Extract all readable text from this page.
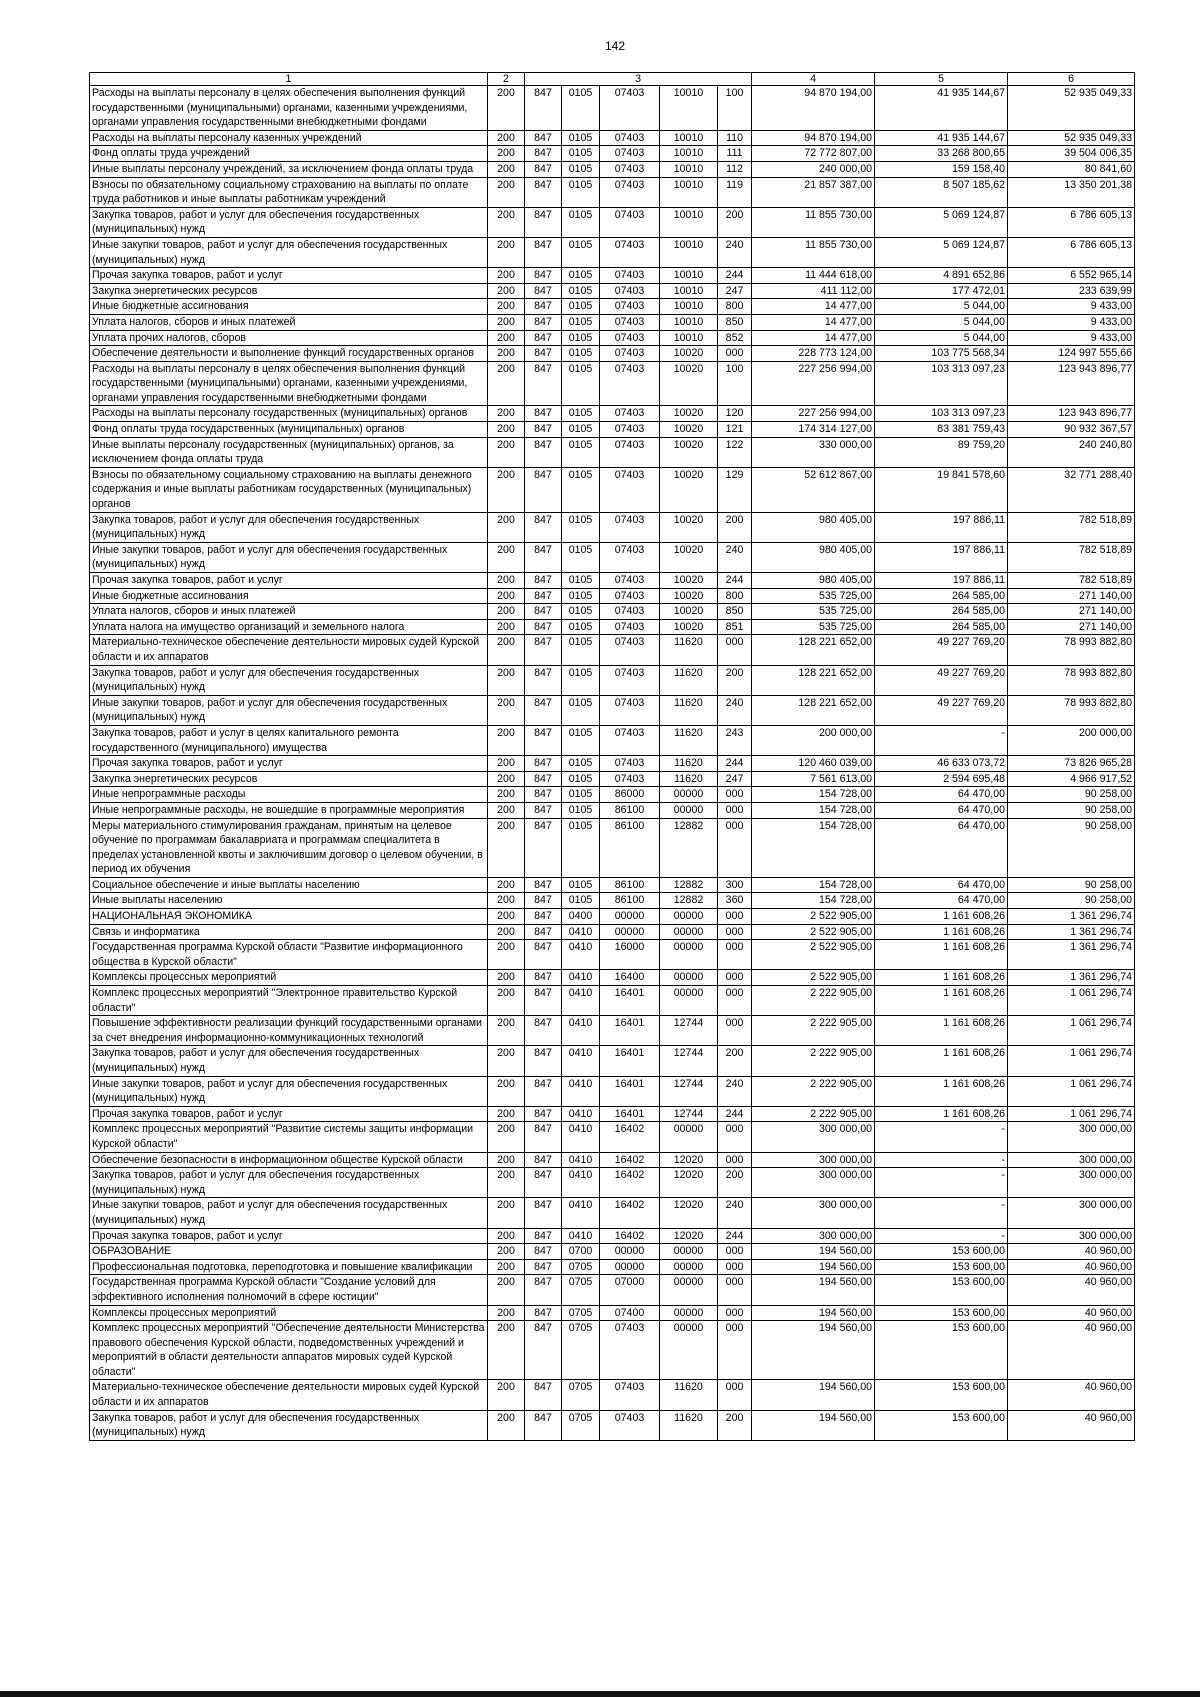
142
1	2	3					4	5	6
Расходы на выплаты персоналу в целях обеспечения выполнения функций государственными (муниципальными) органами, казенными учреждениями, органами управления государственными внебюджетными фондами	200	847	0105	07403	10010	100	94 870 194,00	41 935 144,67	52 935 049,33
Расходы на выплаты персоналу казенных учреждений	200	847	0105	07403	10010	110	94 870 194,00	41 935 144,67	52 935 049,33
Фонд оплаты труда учреждений	200	847	0105	07403	10010	111	72 772 807,00	33 268 800,65	39 504 006,35
Иные выплаты персоналу учреждений, за исключением фонда оплаты труда	200	847	0105	07403	10010	112	240 000,00	159 158,40	80 841,60
Взносы по обязательному социальному страхованию на выплаты по оплате труда работников и иные выплаты работникам учреждений	200	847	0105	07403	10010	119	21 857 387,00	8 507 185,62	13 350 201,38
Закупка товаров, работ и услуг для обеспечения государственных (муниципальных) нужд	200	847	0105	07403	10010	200	11 855 730,00	5 069 124,87	6 786 605,13
Иные закупки товаров, работ и услуг для обеспечения государственных (муниципальных) нужд	200	847	0105	07403	10010	240	11 855 730,00	5 069 124,87	6 786 605,13
Прочая закупка товаров, работ и услуг	200	847	0105	07403	10010	244	11 444 618,00	4 891 652,86	6 552 965,14
Закупка энергетических ресурсов	200	847	0105	07403	10010	247	411 112,00	177 472,01	233 639,99
Иные бюджетные ассигнования	200	847	0105	07403	10010	800	14 477,00	5 044,00	9 433,00
Уплата налогов, сборов и иных платежей	200	847	0105	07403	10010	850	14 477,00	5 044,00	9 433,00
Уплата прочих налогов, сборов	200	847	0105	07403	10010	852	14 477,00	5 044,00	9 433,00
Обеспечение деятельности и выполнение функций государственных органов	200	847	0105	07403	10020	000	228 773 124,00	103 775 568,34	124 997 555,66
Расходы на выплаты персоналу в целях обеспечения выполнения функций государственными (муниципальными) органами, казенными учреждениями, органами управления государственными внебюджетными фондами	200	847	0105	07403	10020	100	227 256 994,00	103 313 097,23	123 943 896,77
Расходы на выплаты персоналу государственных (муниципальных) органов	200	847	0105	07403	10020	120	227 256 994,00	103 313 097,23	123 943 896,77
Фонд оплаты труда государственных (муниципальных) органов	200	847	0105	07403	10020	121	174 314 127,00	83 381 759,43	90 932 367,57
Иные выплаты персоналу государственных (муниципальных) органов, за исключением фонда оплаты труда	200	847	0105	07403	10020	122	330 000,00	89 759,20	240 240,80
Взносы по обязательному социальному страхованию на выплаты денежного содержания и иные выплаты работникам государственных (муниципальных) органов	200	847	0105	07403	10020	129	52 612 867,00	19 841 578,60	32 771 288,40
Закупка товаров, работ и услуг для обеспечения государственных (муниципальных) нужд	200	847	0105	07403	10020	200	980 405,00	197 886,11	782 518,89
Иные закупки товаров, работ и услуг для обеспечения государственных (муниципальных) нужд	200	847	0105	07403	10020	240	980 405,00	197 886,11	782 518,89
Прочая закупка товаров, работ и услуг	200	847	0105	07403	10020	244	980 405,00	197 886,11	782 518,89
Иные бюджетные ассигнования	200	847	0105	07403	10020	800	535 725,00	264 585,00	271 140,00
Уплата налогов, сборов и иных платежей	200	847	0105	07403	10020	850	535 725,00	264 585,00	271 140,00
Уплата налога на имущество организаций и земельного налога	200	847	0105	07403	10020	851	535 725,00	264 585,00	271 140,00
Материально-техническое обеспечение деятельности мировых судей Курской области и их аппаратов	200	847	0105	07403	11620	000	128 221 652,00	49 227 769,20	78 993 882,80
Закупка товаров, работ и услуг для обеспечения государственных (муниципальных) нужд	200	847	0105	07403	11620	200	128 221 652,00	49 227 769,20	78 993 882,80
Иные закупки товаров, работ и услуг для обеспечения государственных (муниципальных) нужд	200	847	0105	07403	11620	240	128 221 652,00	49 227 769,20	78 993 882,80
Закупка товаров, работ и услуг в целях капитального ремонта государственного (муниципального) имущества	200	847	0105	07403	11620	243	200 000,00	-	200 000,00
Прочая закупка товаров, работ и услуг	200	847	0105	07403	11620	244	120 460 039,00	46 633 073,72	73 826 965,28
Закупка энергетических ресурсов	200	847	0105	07403	11620	247	7 561 613,00	2 594 695,48	4 966 917,52
Иные непрограммные расходы	200	847	0105	86000	00000	000	154 728,00	64 470,00	90 258,00
Иные непрограммные расходы, не вошедшие в программные мероприятия	200	847	0105	86100	00000	000	154 728,00	64 470,00	90 258,00
Меры материального стимулирования гражданам, принятым на целевое обучение по программам бакалавриата и программам специалитета в пределах установленной квоты и заключившим договор о целевом обучении, в период их обучения	200	847	0105	86100	12882	000	154 728,00	64 470,00	90 258,00
Социальное обеспечение и иные выплаты населению	200	847	0105	86100	12882	300	154 728,00	64 470,00	90 258,00
Иные выплаты населению	200	847	0105	86100	12882	360	154 728,00	64 470,00	90 258,00
НАЦИОНАЛЬНАЯ ЭКОНОМИКА	200	847	0400	00000	00000	000	2 522 905,00	1 161 608,26	1 361 296,74
Связь и информатика	200	847	0410	00000	00000	000	2 522 905,00	1 161 608,26	1 361 296,74
Государственная программа Курской области "Развитие информационного общества в Курской области"	200	847	0410	16000	00000	000	2 522 905,00	1 161 608,26	1 361 296,74
Комплексы процессных мероприятий	200	847	0410	16400	00000	000	2 522 905,00	1 161 608,26	1 361 296,74
Комплекс процессных мероприятий "Электронное правительство Курской области"	200	847	0410	16401	00000	000	2 222 905,00	1 161 608,26	1 061 296,74
Повышение эффективности реализации функций государственными органами за счет внедрения информационно-коммуникационных технологий	200	847	0410	16401	12744	000	2 222 905,00	1 161 608,26	1 061 296,74
Закупка товаров, работ и услуг для обеспечения государственных (муниципальных) нужд	200	847	0410	16401	12744	200	2 222 905,00	1 161 608,26	1 061 296,74
Иные закупки товаров, работ и услуг для обеспечения государственных (муниципальных) нужд	200	847	0410	16401	12744	240	2 222 905,00	1 161 608,26	1 061 296,74
Прочая закупка товаров, работ и услуг	200	847	0410	16401	12744	244	2 222 905,00	1 161 608,26	1 061 296,74
Комплекс процессных мероприятий "Развитие системы защиты информации Курской области"	200	847	0410	16402	00000	000	300 000,00	-	300 000,00
Обеспечение безопасности в информационном обществе Курской области	200	847	0410	16402	12020	000	300 000,00	-	300 000,00
Закупка товаров, работ и услуг для обеспечения государственных (муниципальных) нужд	200	847	0410	16402	12020	200	300 000,00	-	300 000,00
Иные закупки товаров, работ и услуг для обеспечения государственных (муниципальных) нужд	200	847	0410	16402	12020	240	300 000,00	-	300 000,00
Прочая закупка товаров, работ и услуг	200	847	0410	16402	12020	244	300 000,00	-	300 000,00
ОБРАЗОВАНИЕ	200	847	0700	00000	00000	000	194 560,00	153 600,00	40 960,00
Профессиональная подготовка, переподготовка и повышение квалификации	200	847	0705	00000	00000	000	194 560,00	153 600,00	40 960,00
Государственная программа Курской области "Создание условий для эффективного исполнения полномочий в сфере юстиции"	200	847	0705	07000	00000	000	194 560,00	153 600,00	40 960,00
Комплексы процессных мероприятий	200	847	0705	07400	00000	000	194 560,00	153 600,00	40 960,00
Комплекс процессных мероприятий "Обеспечение деятельности Министерства правового обеспечения Курской области, подведомственных учреждений и мероприятий в области деятельности аппаратов мировых судей Курской области"	200	847	0705	07403	00000	000	194 560,00	153 600,00	40 960,00
Материально-техническое обеспечение деятельности мировых судей Курской области и их аппаратов	200	847	0705	07403	11620	000	194 560,00	153 600,00	40 960,00
Закупка товаров, работ и услуг для обеспечения государственных (муниципальных) нужд	200	847	0705	07403	11620	200	194 560,00	153 600,00	40 960,00
